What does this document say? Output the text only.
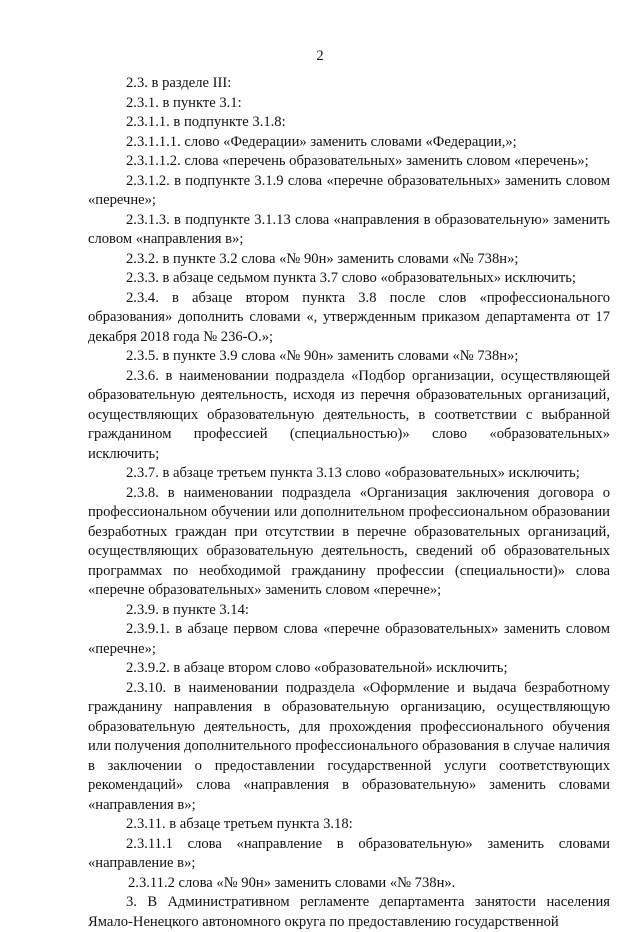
2

2.3. в разделе III:

2.3.1. в пункте 3.1:

2.3.1.1. в подпункте 3.1.8:

2.3.1.1.1. слово «Федерации» заменить словами «Федерации,»;

2.3.1.1.2. слова «перечень образовательных» заменить словом «перечень»;

2.3.1.2. в подпункте 3.1.9 слова «перечне образовательных» заменить словом «перечне»;

2.3.1.3. в подпункте 3.1.13 слова «направления в образовательную» заменить словом «направления в»;

2.3.2. в пункте 3.2 слова «№ 90н» заменить словами «№ 738н»;

2.3.3. в абзаце седьмом пункта 3.7 слово «образовательных» исключить;

2.3.4. в абзаце втором пункта 3.8 после слов «профессионального образования» дополнить словами «, утвержденным приказом департамента от 17 декабря 2018 года № 236-О.»;

2.3.5. в пункте 3.9 слова «№ 90н» заменить словами «№ 738н»;

2.3.6. в наименовании подраздела «Подбор организации, осуществляющей образовательную деятельность, исходя из перечня образовательных организаций, осуществляющих образовательную деятельность, в соответствии с выбранной гражданином профессией (специальностью)» слово «образовательных» исключить;

2.3.7. в абзаце третьем пункта 3.13 слово «образовательных» исключить;

2.3.8. в наименовании подраздела «Организация заключения договора о профессиональном обучении или дополнительном профессиональном образовании безработных граждан при отсутствии в перечне образовательных организаций, осуществляющих образовательную деятельность, сведений об образовательных программах по необходимой гражданину профессии (специальности)» слова «перечне образовательных» заменить словом «перечне»;

2.3.9. в пункте 3.14:

2.3.9.1. в абзаце первом слова «перечне образовательных» заменить словом «перечне»;

2.3.9.2. в абзаце втором слово «образовательной» исключить;

2.3.10. в наименовании подраздела «Оформление и выдача безработному гражданину направления в образовательную организацию, осуществляющую образовательную деятельность, для прохождения профессионального обучения или получения дополнительного профессионального образования в случае наличия в заключении о предоставлении государственной услуги соответствующих рекомендаций» слова «направления в образовательную» заменить словами «направления в»;

2.3.11. в абзаце третьем пункта 3.18:

2.3.11.1 слова «направление в образовательную» заменить словами «направление в»;

2.3.11.2 слова «№ 90н» заменить словами «№ 738н».

3. В Административном регламенте департамента занятости населения Ямало-Ненецкого автономного округа по предоставлению государственной
